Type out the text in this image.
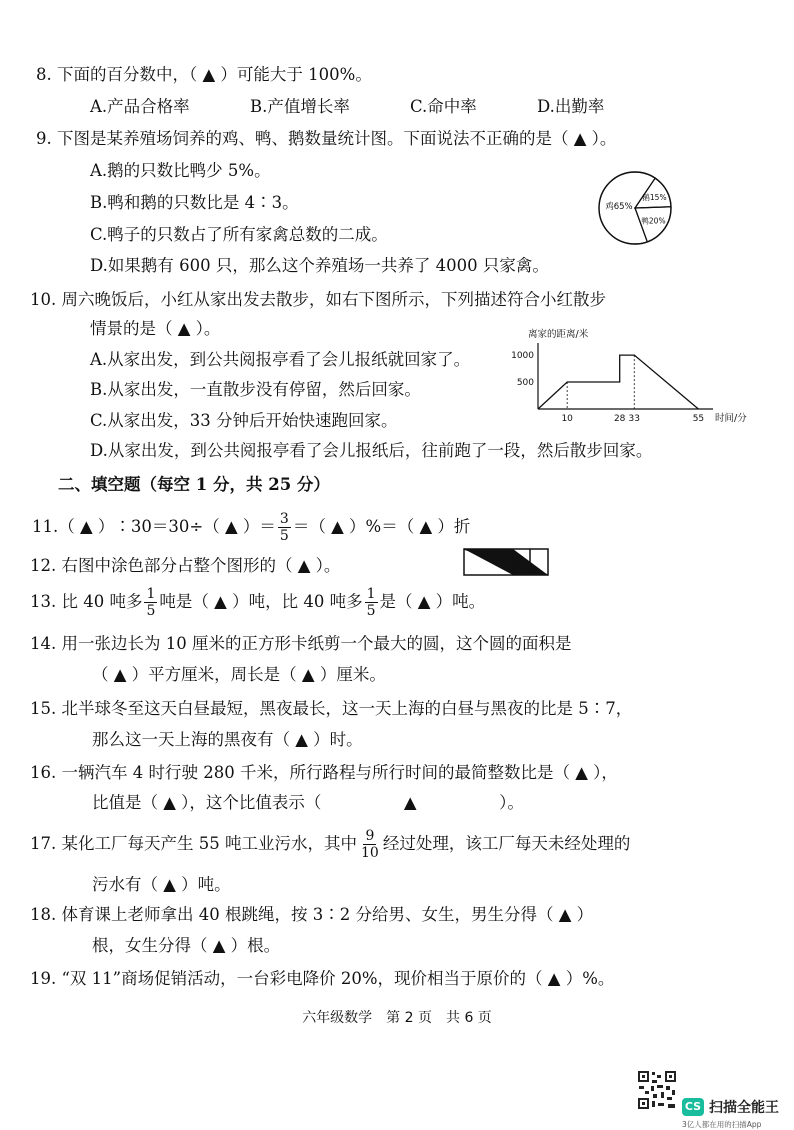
8. 下面的百分数中，（ ▲ ）可能大于 100%。
A.产品合格率	B.产值增长率	C.命中率	D.出勤率
9. 下图是某养殖场饲养的鸡、鸭、鹅数量统计图。下面说法不正确的是（ ▲ ）。
A.鹅的只数比鸭少 5%。
B.鸭和鹅的只数比是 4∶3。
C.鸭子的只数占了所有家禽总数的二成。
D.如果鹅有 600 只，那么这个养殖场一共养了 4000 只家禽。
鸡65%
鸭20%
鹅15%
10. 周六晚饭后，小红从家出发去散步，如右下图所示，下列描述符合小红散步
情景的是（ ▲ ）。
A.从家出发，到公共阅报亭看了会儿报纸就回家了。
B.从家出发，一直散步没有停留，然后回家。
C.从家出发，33 分钟后开始快速跑回家。
D.从家出发，到公共阅报亭看了会儿报纸后，往前跑了一段，然后散步回家。
离家的距离/米
1000
500
10	28 33	55 时间/分
二、填空题（每空 1 分，共 25 分）
11.（ ▲ ）∶30＝30÷（ ▲ ）＝ $\frac{3}{5}$ ＝（ ▲ ）%＝（ ▲ ）折
12. 右图中涂色部分占整个图形的（ ▲ ）。
13. 比 40 吨多 $\frac{1}{5}$ 吨是（ ▲ ）吨，比 40 吨多 $\frac{1}{5}$ 是（ ▲ ）吨。
14. 用一张边长为 10 厘米的正方形卡纸剪一个最大的圆，这个圆的面积是
（ ▲ ）平方厘米，周长是（ ▲ ）厘米。
15. 北半球冬至这天白昼最短，黑夜最长，这一天上海的白昼与黑夜的比是 5∶7，
那么这一天上海的黑夜有（ ▲ ）时。
16. 一辆汽车 4 时行驶 280 千米，所行路程与所行时间的最简整数比是（ ▲ ），
比值是（ ▲ ），这个比值表示（　　　　　▲　　　　　）。
17. 某化工厂每天产生 55 吨工业污水，其中 $\frac{9}{10}$ 经过处理，该工厂每天未经处理的
污水有（ ▲ ）吨。
18. 体育课上老师拿出 40 根跳绳，按 3∶2 分给男、女生，男生分得（ ▲ ）
根，女生分得（ ▲ ）根。
19. “双 11”商场促销活动，一台彩电降价 20%，现价相当于原价的（ ▲ ）%。
六年级数学　第 2 页　共 6 页
CS 扫描全能王
3亿人都在用的扫描App
